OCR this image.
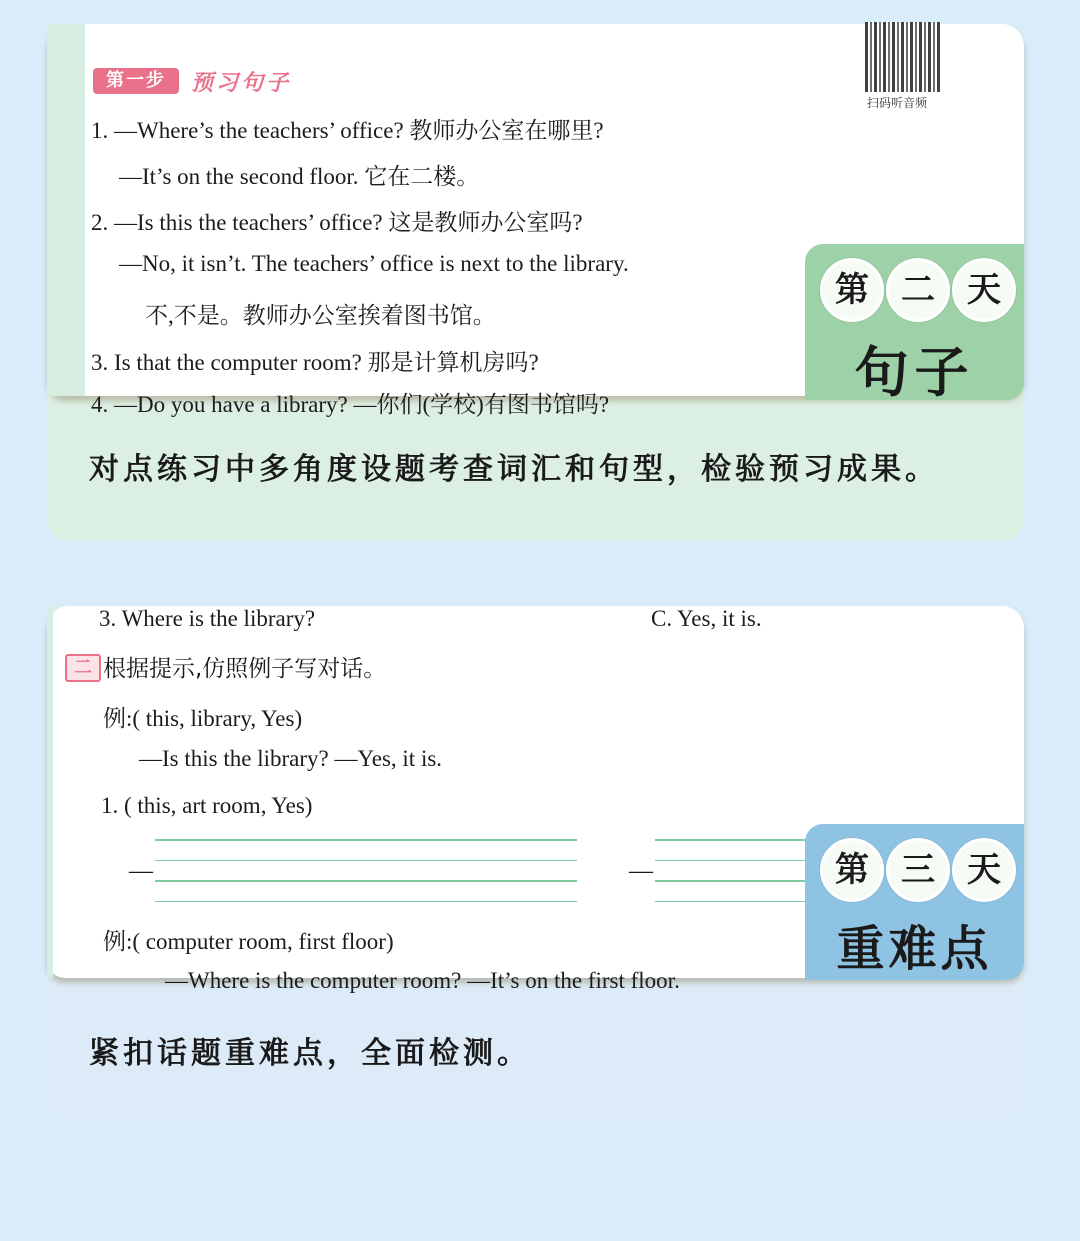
第一步	预习句子
扫码听音频
1. —Where’s the teachers’ office? 教师办公室在哪里?
—It’s on the second floor. 它在二楼。
2. —Is this the teachers’ office? 这是教师办公室吗?
—No, it isn’t. The teachers’ office is next to the library.
不,不是。教师办公室挨着图书馆。
3. Is that the computer room? 那是计算机房吗?
4. —Do you have a library? —你们(学校)有图书馆吗?
第 二 天
句子
对点练习中多角度设题考查词汇和句型，检验预习成果。
3. Where is the library?	C. Yes, it is.
二 根据提示,仿照例子写对话。
例:( this, library, Yes)
—Is this the library? —Yes, it is.
1. ( this, art room, Yes)
—	—
例:( computer room, first floor)
—Where is the computer room? —It’s on the first floor.
第 三 天
重难点
紧扣话题重难点，全面检测。
